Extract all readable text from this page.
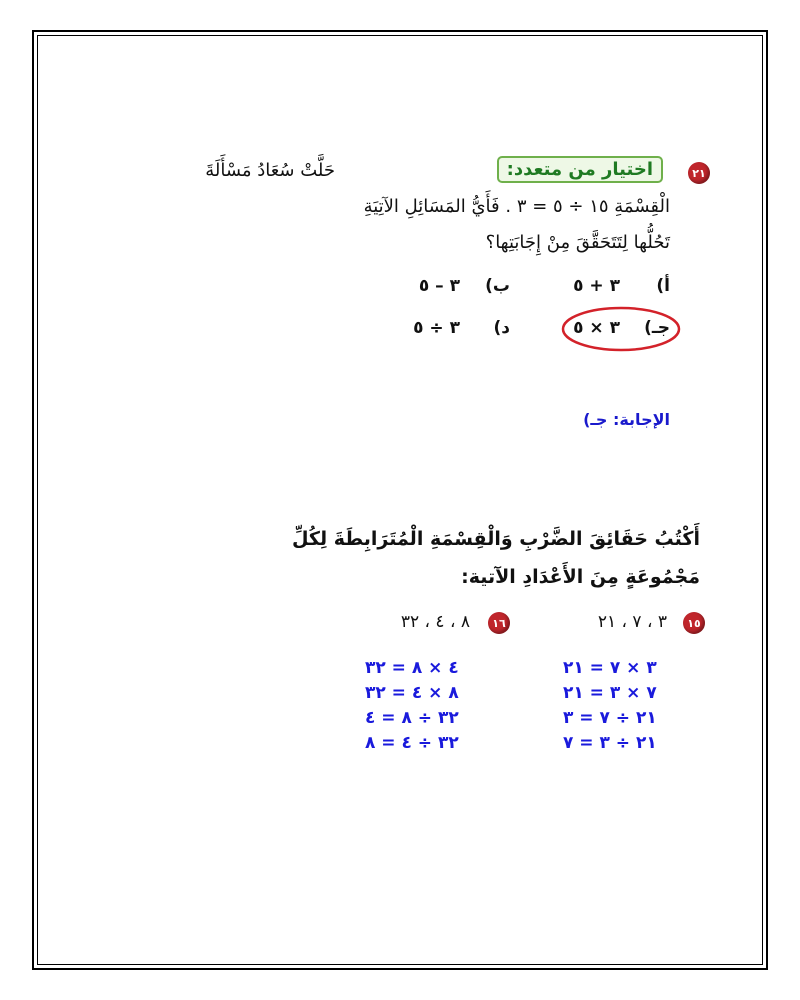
٢١
اختيار من متعدد:
حَلَّتْ سُعَادُ مَسْأَلَةَ
الْقِسْمَةِ ١٥ ÷ ٥ = ٣ . فَأَيُّ المَسَائِلِ الآتِيَةِ
تَحُلُّها لِتَتَحَقَّقَ مِنْ إِجَابَتِها؟
أ)
٣ + ٥
ب)
٣ – ٥
جـ)
٣ × ٥
د)
٣ ÷ ٥
الإجابة: جـ)
أَكْتُبُ حَقَائِقَ الضَّرْبِ وَالْقِسْمَةِ الْمُتَرَابِطَةَ لِكُلِّ
مَجْمُوعَةٍ مِنَ الأَعْدَادِ الآتية:
١٥
٣ ، ٧ ، ٢١
١٦
٨ ، ٤ ، ٣٢
٣ × ٧ = ٢١
٧ × ٣ = ٢١
٢١ ÷ ٧ = ٣
٢١ ÷ ٣ = ٧
٤ × ٨ = ٣٢
٨ × ٤ = ٣٢
٣٢ ÷ ٨ = ٤
٣٢ ÷ ٤ = ٨
